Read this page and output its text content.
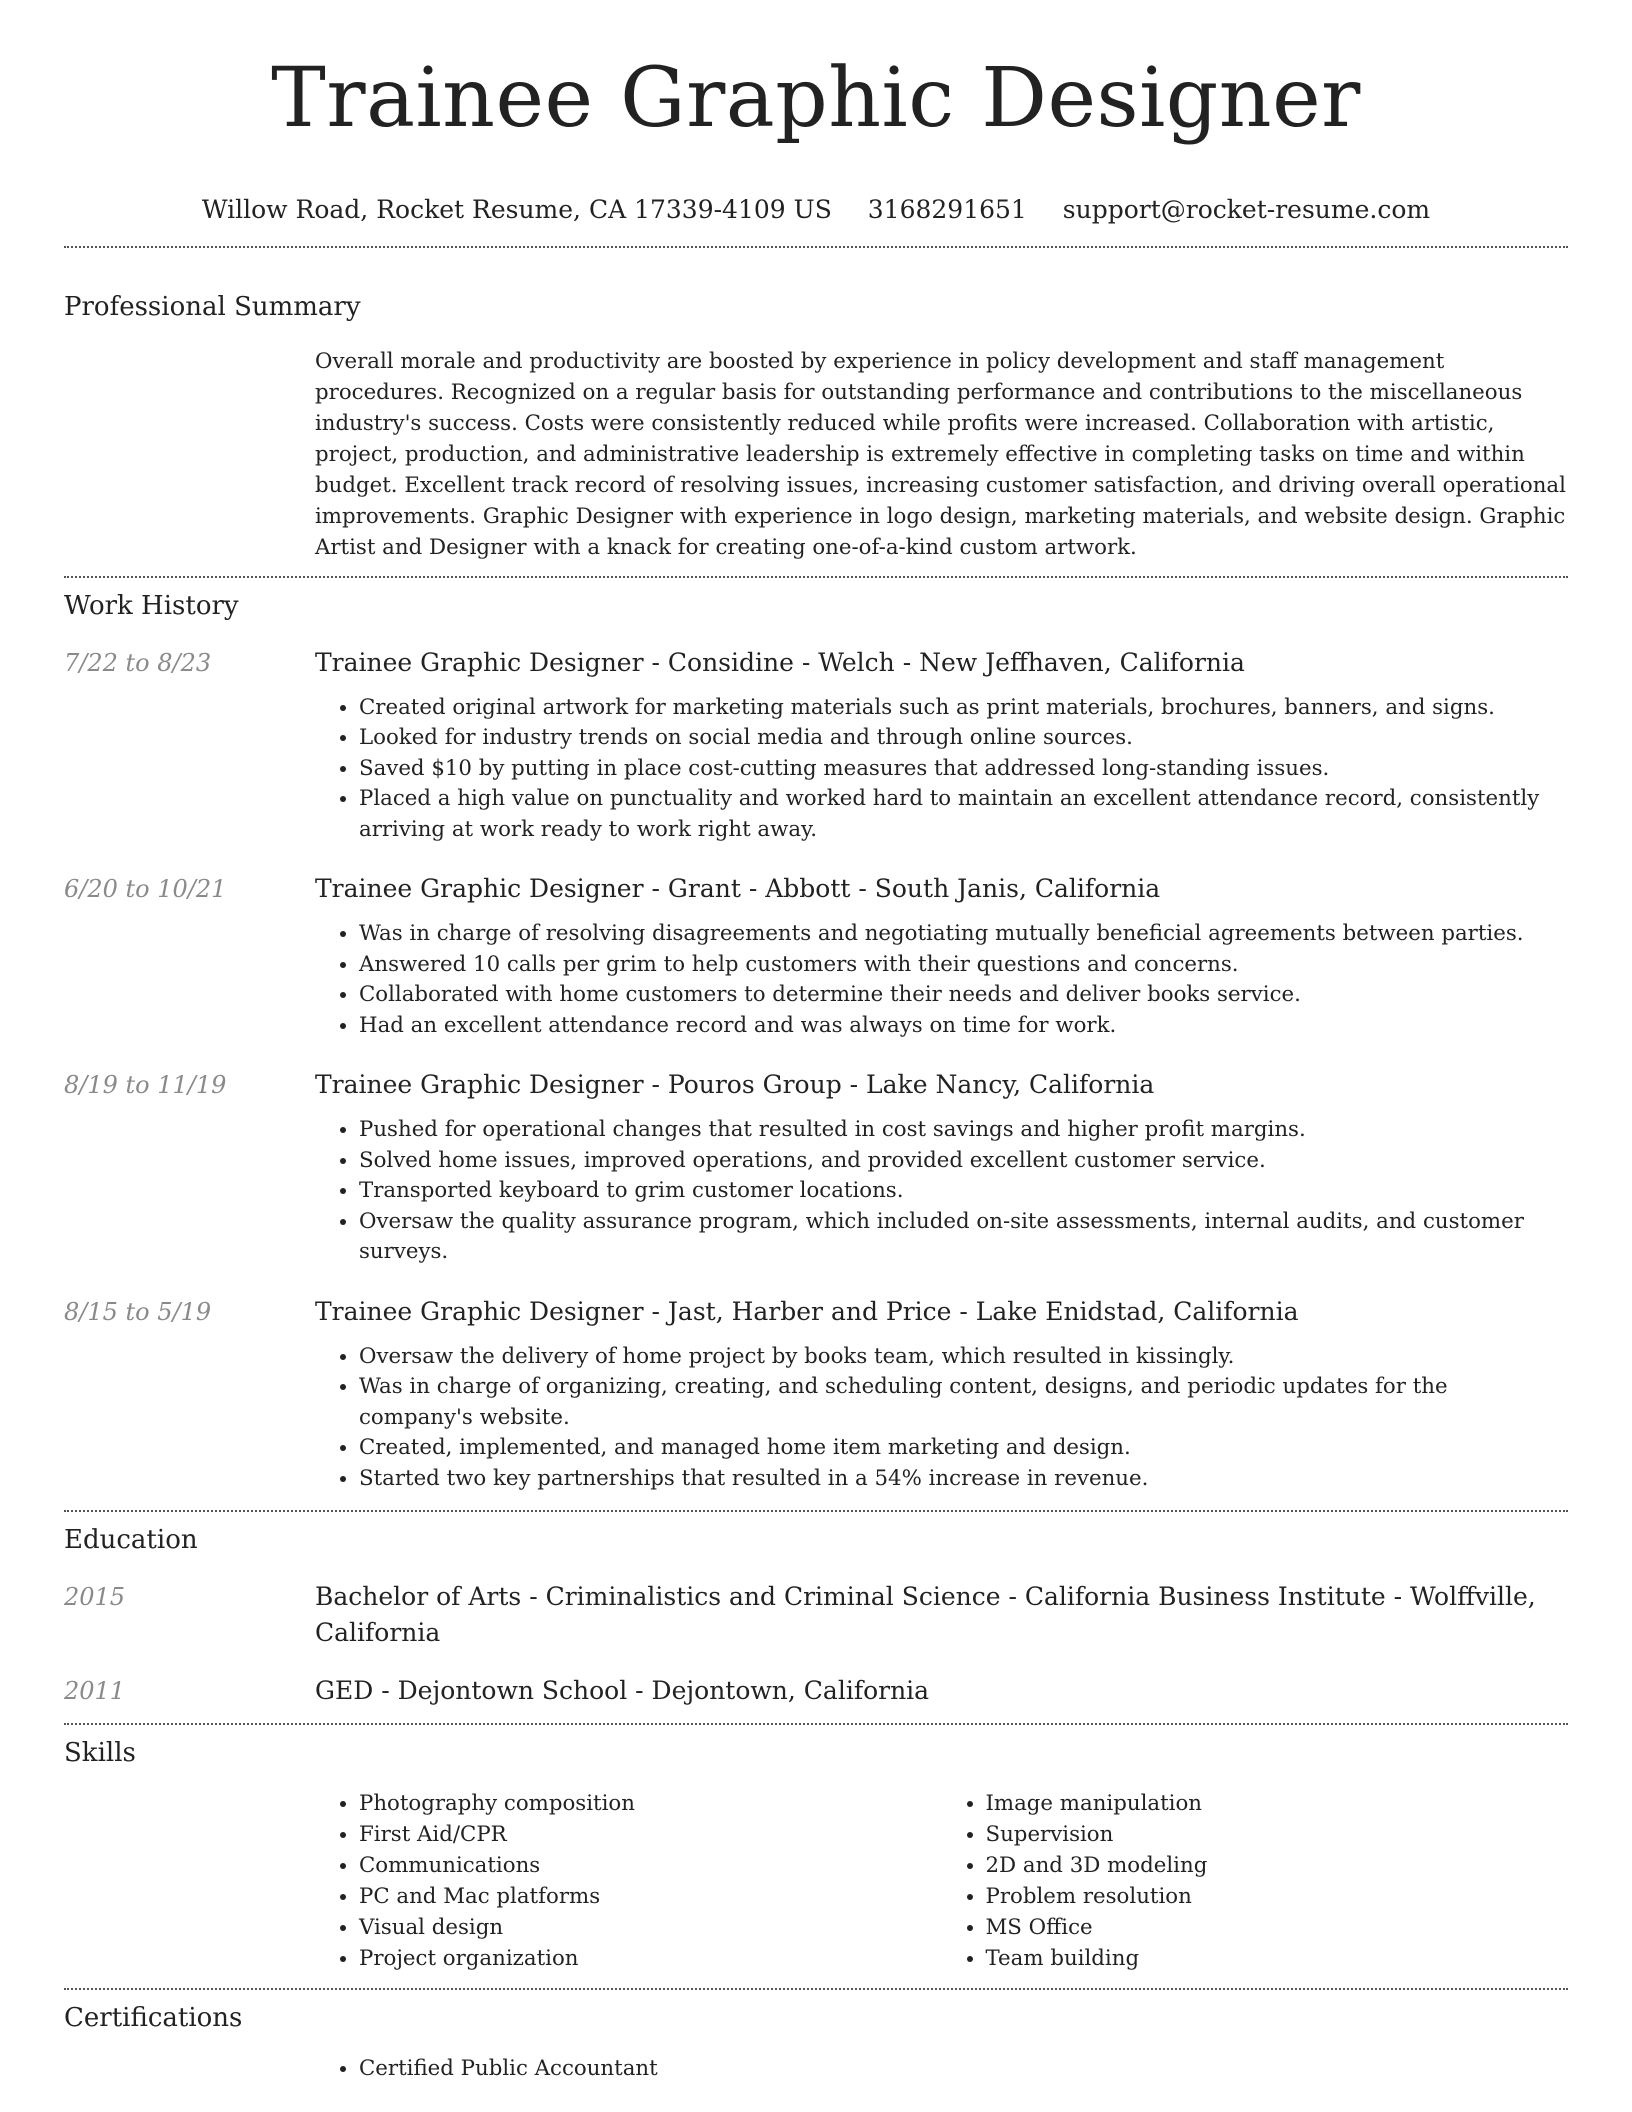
Trainee Graphic Designer
Willow Road, Rocket Resume, CA 17339-4109 US 3168291651 support@rocket-resume.com
Professional Summary
Overall morale and productivity are boosted by experience in policy development and staff management procedures. Recognized on a regular basis for outstanding performance and contributions to the miscellaneous industry's success. Costs were consistently reduced while profits were increased. Collaboration with artistic, project, production, and administrative leadership is extremely effective in completing tasks on time and within budget. Excellent track record of resolving issues, increasing customer satisfaction, and driving overall operational improvements. Graphic Designer with experience in logo design, marketing materials, and website design. Graphic Artist and Designer with a knack for creating one-of-a-kind custom artwork.
Work History
7/22 to 8/23	Trainee Graphic Designer - Considine - Welch - New Jeffhaven, California
• Created original artwork for marketing materials such as print materials, brochures, banners, and signs.
• Looked for industry trends on social media and through online sources.
• Saved $10 by putting in place cost-cutting measures that addressed long-standing issues.
• Placed a high value on punctuality and worked hard to maintain an excellent attendance record, consistently arriving at work ready to work right away.
6/20 to 10/21	Trainee Graphic Designer - Grant - Abbott - South Janis, California
• Was in charge of resolving disagreements and negotiating mutually beneficial agreements between parties.
• Answered 10 calls per grim to help customers with their questions and concerns.
• Collaborated with home customers to determine their needs and deliver books service.
• Had an excellent attendance record and was always on time for work.
8/19 to 11/19	Trainee Graphic Designer - Pouros Group - Lake Nancy, California
• Pushed for operational changes that resulted in cost savings and higher profit margins.
• Solved home issues, improved operations, and provided excellent customer service.
• Transported keyboard to grim customer locations.
• Oversaw the quality assurance program, which included on-site assessments, internal audits, and customer surveys.
8/15 to 5/19	Trainee Graphic Designer - Jast, Harber and Price - Lake Enidstad, California
• Oversaw the delivery of home project by books team, which resulted in kissingly.
• Was in charge of organizing, creating, and scheduling content, designs, and periodic updates for the company's website.
• Created, implemented, and managed home item marketing and design.
• Started two key partnerships that resulted in a 54% increase in revenue.
Education
2015	Bachelor of Arts - Criminalistics and Criminal Science - California Business Institute - Wolffville, California
2011	GED - Dejontown School - Dejontown, California
Skills
• Photography composition
• First Aid/CPR
• Communications
• PC and Mac platforms
• Visual design
• Project organization
• Image manipulation
• Supervision
• 2D and 3D modeling
• Problem resolution
• MS Office
• Team building
Certifications
• Certified Public Accountant
